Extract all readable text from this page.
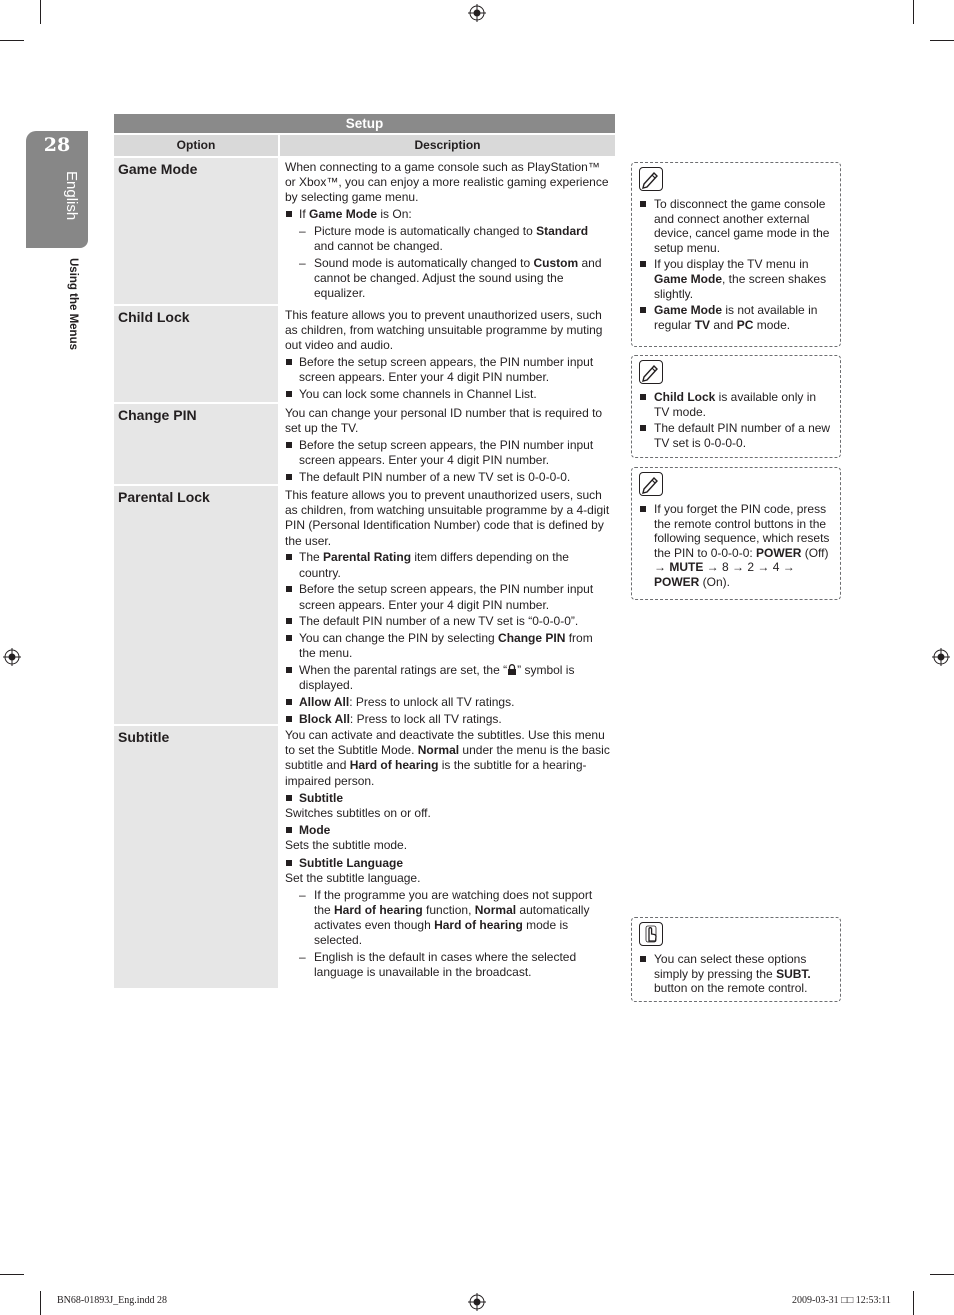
28
English
Using the Menus
Setup
Option	Description
Game Mode	When connecting to a game console such as PlayStation™ or Xbox™, you can enjoy a more realistic gaming experience by selecting game menu.

If Game Mode is On:
– Picture mode is automatically changed to Standard and cannot be changed.
– Sound mode is automatically changed to Custom and cannot be changed. Adjust the sound using the equalizer.
Child Lock	This feature allows you to prevent unauthorized users, such as children, from watching unsuitable programme by muting out video and audio.

Before the setup screen appears, the PIN number input screen appears. Enter your 4 digit PIN number.
You can lock some channels in Channel List.
Change PIN	You can change your personal ID number that is required to set up the TV.

Before the setup screen appears, the PIN number input screen appears. Enter your 4 digit PIN number.
The default PIN number of a new TV set is 0-0-0-0.
Parental Lock	This feature allows you to prevent unauthorized users, such as children, from watching unsuitable programme by a 4-digit PIN (Personal Identification Number) code that is defined by the user.

The Parental Rating item differs depending on the country.
Before the setup screen appears, the PIN number input screen appears. Enter your 4 digit PIN number.
The default PIN number of a new TV set is “0-0-0-0”.
You can change the PIN by selecting Change PIN from the menu.
When the parental ratings are set, the “ ” symbol is displayed.
Allow All: Press to unlock all TV ratings.
Block All: Press to lock all TV ratings.
Subtitle	You can activate and deactivate the subtitles. Use this menu to set the Subtitle Mode. Normal under the menu is the basic subtitle and Hard of hearing is the subtitle for a hearing-impaired person.

Subtitle

Switches subtitles on or off.

Mode

Sets the subtitle mode.

Subtitle Language

Set the subtitle language.

– If the programme you are watching does not support the Hard of hearing function, Normal automatically activates even though Hard of hearing mode is selected.
– English is the default in cases where the selected language is unavailable in the broadcast.
To disconnect the game console and connect another external device, cancel game mode in the setup menu.
If you display the TV menu in Game Mode, the screen shakes slightly.
Game Mode is not available in regular TV and PC mode.
Child Lock is available only in TV mode.
The default PIN number of a new TV set is 0-0-0-0.
If you forget the PIN code, press the remote control buttons in the following sequence, which resets the PIN to 0-0-0-0: POWER (Off) → MUTE → 8 → 2 → 4 → POWER (On).
You can select these options simply by pressing the SUBT. button on the remote control.
BN68-01893J_Eng.indd 28	2009-03-31 □□ 12:53:11
